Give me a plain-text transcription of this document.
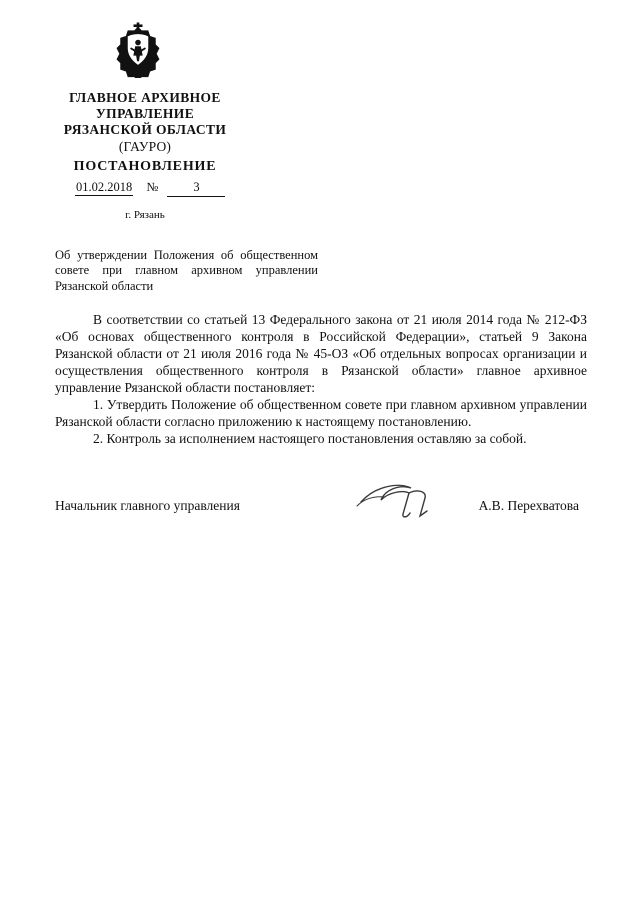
ГЛАВНОЕ АРХИВНОЕ
УПРАВЛЕНИЕ
РЯЗАНСКОЙ ОБЛАСТИ
(ГАУРО)
ПОСТАНОВЛЕНИЕ
01.02.2018 №	3
г. Рязань
Об утверждении Положения об общественном совете при главном архивном управлении Рязанской области

В соответствии со статьей 13 Федерального закона от 21 июля 2014 года № 212-ФЗ «Об основах общественного контроля в Российской Федерации», статьей 9 Закона Рязанской области от 21 июля 2016 года № 45-ОЗ «Об отдельных вопросах организации и осуществления общественного контроля в Рязанской области» главное архивное управление Рязанской области постановляет:

1. Утвердить Положение об общественном совете при главном архивном управлении Рязанской области согласно приложению к настоящему постановлению.

2. Контроль за исполнением настоящего постановления оставляю за собой.

Начальник главного управления	А.В. Перехватова
